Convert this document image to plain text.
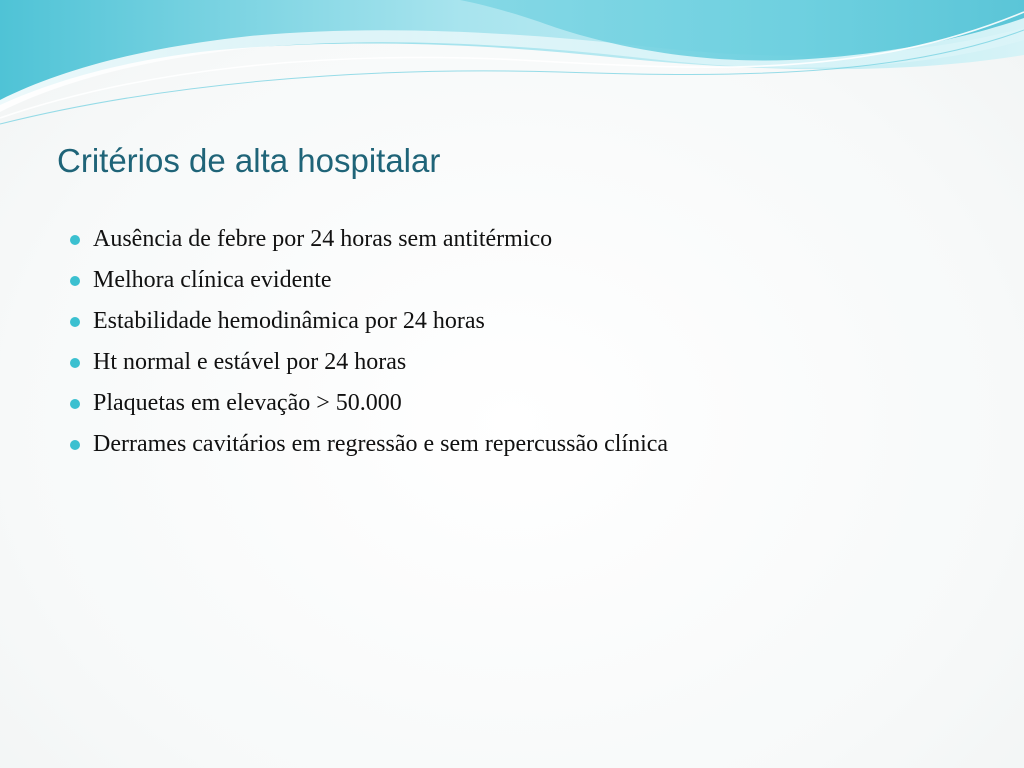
Critérios de alta hospitalar
Ausência de febre por 24 horas sem antitérmico
Melhora clínica evidente
Estabilidade hemodinâmica por 24 horas
Ht normal e estável por 24 horas
Plaquetas em elevação > 50.000
Derrames cavitários em regressão e sem repercussão clínica
